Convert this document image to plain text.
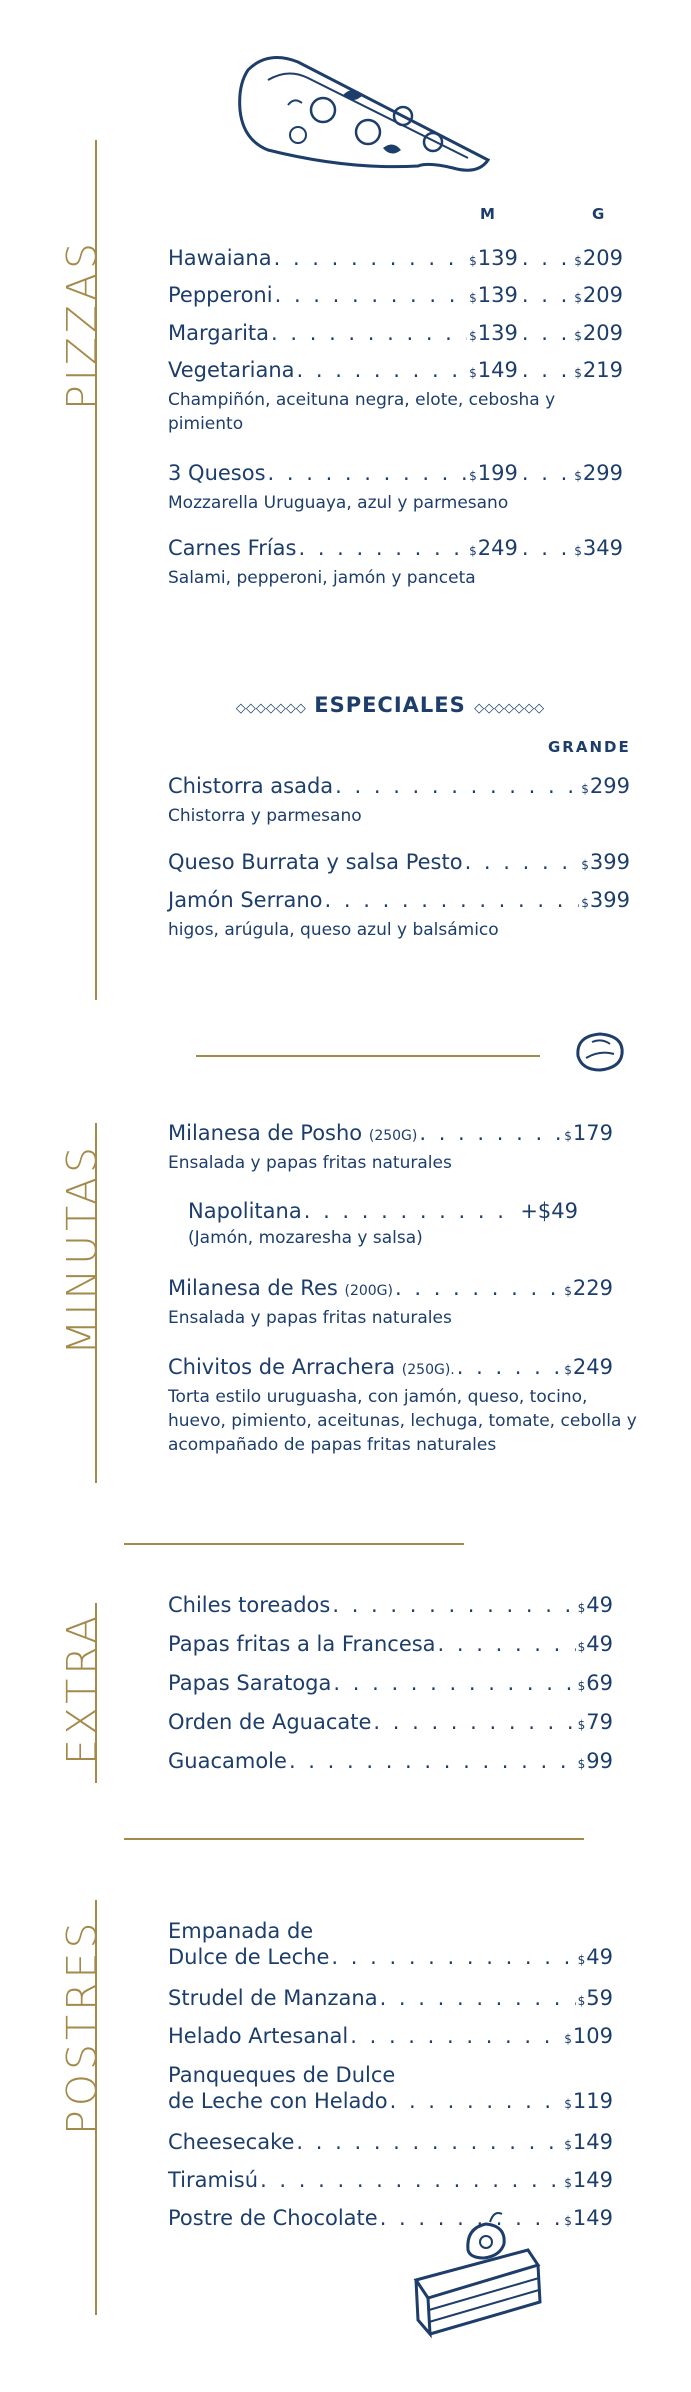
PIZZAS
M	G
Hawaiana . . .	$139 . . . $209
Pepperoni . . .	$139 . . . $209
Margarita . . .	$139 . . . $209
Vegetariana . . .	$149 . . . $219
Champiñón, aceituna negra, elote, cebosha y pimiento
3 Quesos . . .	$199 . . . $299
Mozzarella Uruguaya, azul y parmesano
Carnes Frías . . .	$249 . . . $349
Salami, pepperoni, jamón y panceta
◇◇◇◇◇◇◇ ESPECIALES ◇◇◇◇◇◇◇
GRANDE
Chistorra asada . . .	$299
Chistorra y parmesano
Queso Burrata y salsa Pesto . . .	$399
Jamón Serrano . . .	$399
higos, arúgula, queso azul y balsámico
MINUTAS
Milanesa de Posho (250G) . . .	$179
Ensalada y papas fritas naturales
Napolitana . . .	+$49
(Jamón, mozaresha y salsa)
Milanesa de Res (200G) . . .	$229
Ensalada y papas fritas naturales
Chivitos de Arrachera (250G). . . .	$249
Torta estilo uruguasha, con jamón, queso, tocino, huevo, pimiento, aceitunas, lechuga, tomate, cebolla y acompañado de papas fritas naturales
EXTRA
Chiles toreados . . .	$49
Papas fritas a la Francesa . . .	$49
Papas Saratoga . . .	$69
Orden de Aguacate . . .	$79
Guacamole . . .	$99
POSTRES	Empanada de
Dulce de Leche . . .	$49
Strudel de Manzana . . .	$59
Helado Artesanal . . .	$109
Panqueques de Dulce
de Leche con Helado . . .	$119
Cheesecake . . .	$149
Tiramisú . . .	$149
Postre de Chocolate . . .	$149
